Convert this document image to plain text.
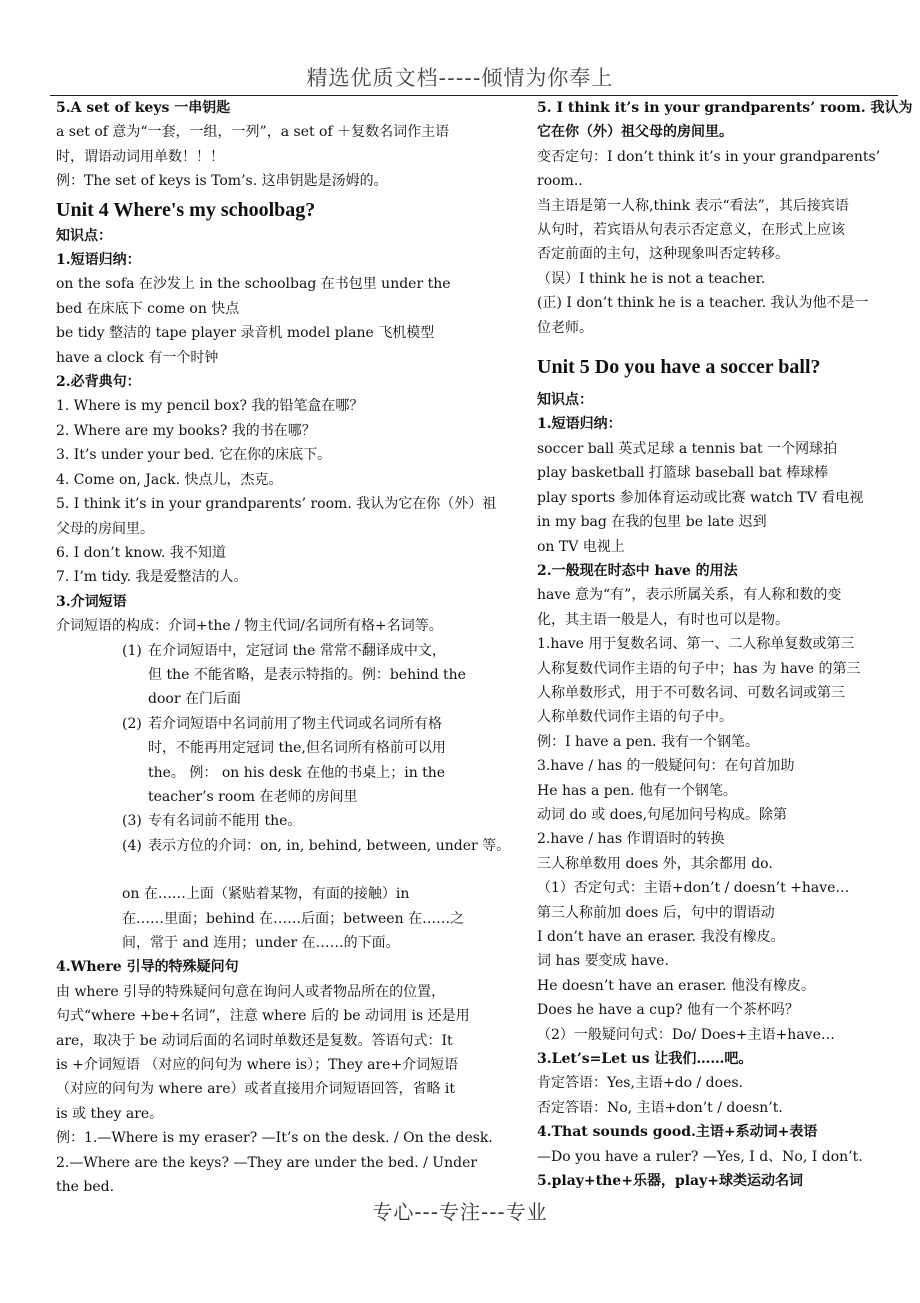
精选优质文档-----倾情为你奉上
5.A set of keys 一串钥匙
a set of 意为“一套，一组，一列”，a set of ＋复数名词作主语
时，谓语动词用单数！！！
例：The set of keys is Tom’s. 这串钥匙是汤姆的。
Unit 4 Where's my schoolbag?
知识点：
1.短语归纳：
on the sofa 在沙发上 in the schoolbag 在书包里 under the
bed 在床底下 come on 快点
be tidy 整洁的 tape player 录音机 model plane 飞机模型
have a clock 有一个时钟
2.必背典句：
1. Where is my pencil box? 我的铅笔盒在哪？
2. Where are my books? 我的书在哪？
3. It’s under your bed. 它在你的床底下。
4. Come on, Jack. 快点儿，杰克。
5. I think it’s in your grandparents’ room. 我认为它在你（外）祖
父母的房间里。
6. I don’t know. 我不知道
7. I’m tidy. 我是爱整洁的人。
3.介词短语
介词短语的构成：介词+the / 物主代词/名词所有格+名词等。
(1) 在介词短语中，定冠词 the 常常不翻译成中文，
但 the 不能省略，是表示特指的。例：behind the
door 在门后面
(2) 若介词短语中名词前用了物主代词或名词所有格
时，不能再用定冠词 the,但名词所有格前可以用
the。 例： on his desk 在他的书桌上；in the
teacher’s room 在老师的房间里
(3) 专有名词前不能用 the。
(4) 表示方位的介词：on, in, behind, between, under 等。
on 在……上面（紧贴着某物，有面的接触）in
在……里面；behind 在……后面；between 在……之
间，常于 and 连用；under 在……的下面。
4.Where 引导的特殊疑问句
由 where 引导的特殊疑问句意在询问人或者物品所在的位置，
句式“where +be+名词”，注意 where 后的 be 动词用 is 还是用
are，取决于 be 动词后面的名词时单数还是复数。答语句式：It
is +介词短语 （对应的问句为 where is）；They are+介词短语
（对应的问句为 where are）或者直接用介词短语回答，省略 it
is 或 they are。
例：1.—Where is my eraser? —It’s on the desk. / On the desk.
2.—Where are the keys? —They are under the bed. / Under
the bed.
5. I think it’s in your grandparents’ room. 我认为
它在你（外）祖父母的房间里。
变否定句：I don’t think it’s in your grandparents’
room..
当主语是第一人称,think 表示“看法”，其后接宾语
从句时，若宾语从句表示否定意义，在形式上应该
否定前面的主句，这种现象叫否定转移。
（误）I think he is not a teacher.
(正) I don’t think he is a teacher. 我认为他不是一
位老师。
Unit 5 Do you have a soccer ball?
知识点：
1.短语归纳：
soccer ball 英式足球 a tennis bat 一个网球拍
play basketball 打篮球 baseball bat 棒球棒
play sports 参加体育运动或比赛 watch TV 看电视
in my bag 在我的包里 be late 迟到
on TV 电视上
2.一般现在时态中 have 的用法
have 意为“有”，表示所属关系，有人称和数的变
化，其主语一般是人，有时也可以是物。
1.have 用于复数名词、第一、二人称单复数或第三
人称复数代词作主语的句子中；has 为 have 的第三
人称单数形式，用于不可数名词、可数名词或第三
人称单数代词作主语的句子中。
例：I have a pen. 我有一个钢笔。
3.have / has 的一般疑问句：在句首加助
He has a pen. 他有一个钢笔。
动词 do 或 does,句尾加问号构成。除第
2.have / has 作谓语时的转换
三人称单数用 does 外，其余都用 do.
（1）否定句式：主语+don’t / doesn’t +have…
第三人称前加 does 后，句中的谓语动
I don’t have an eraser. 我没有橡皮。
词 has 要变成 have.
He doesn’t have an eraser. 他没有橡皮。
Does he have a cup? 他有一个茶杯吗？
（2）一般疑问句式：Do/ Does+主语+have…
3.Let’s=Let us 让我们……吧。
肯定答语：Yes,主语+do / does.
否定答语：No, 主语+don’t / doesn’t.
4.That sounds good.主语+系动词+表语
—Do you have a ruler? —Yes, I d、No, I don’t.
5.play+the+乐器，play+球类运动名词
专心---专注---专业
